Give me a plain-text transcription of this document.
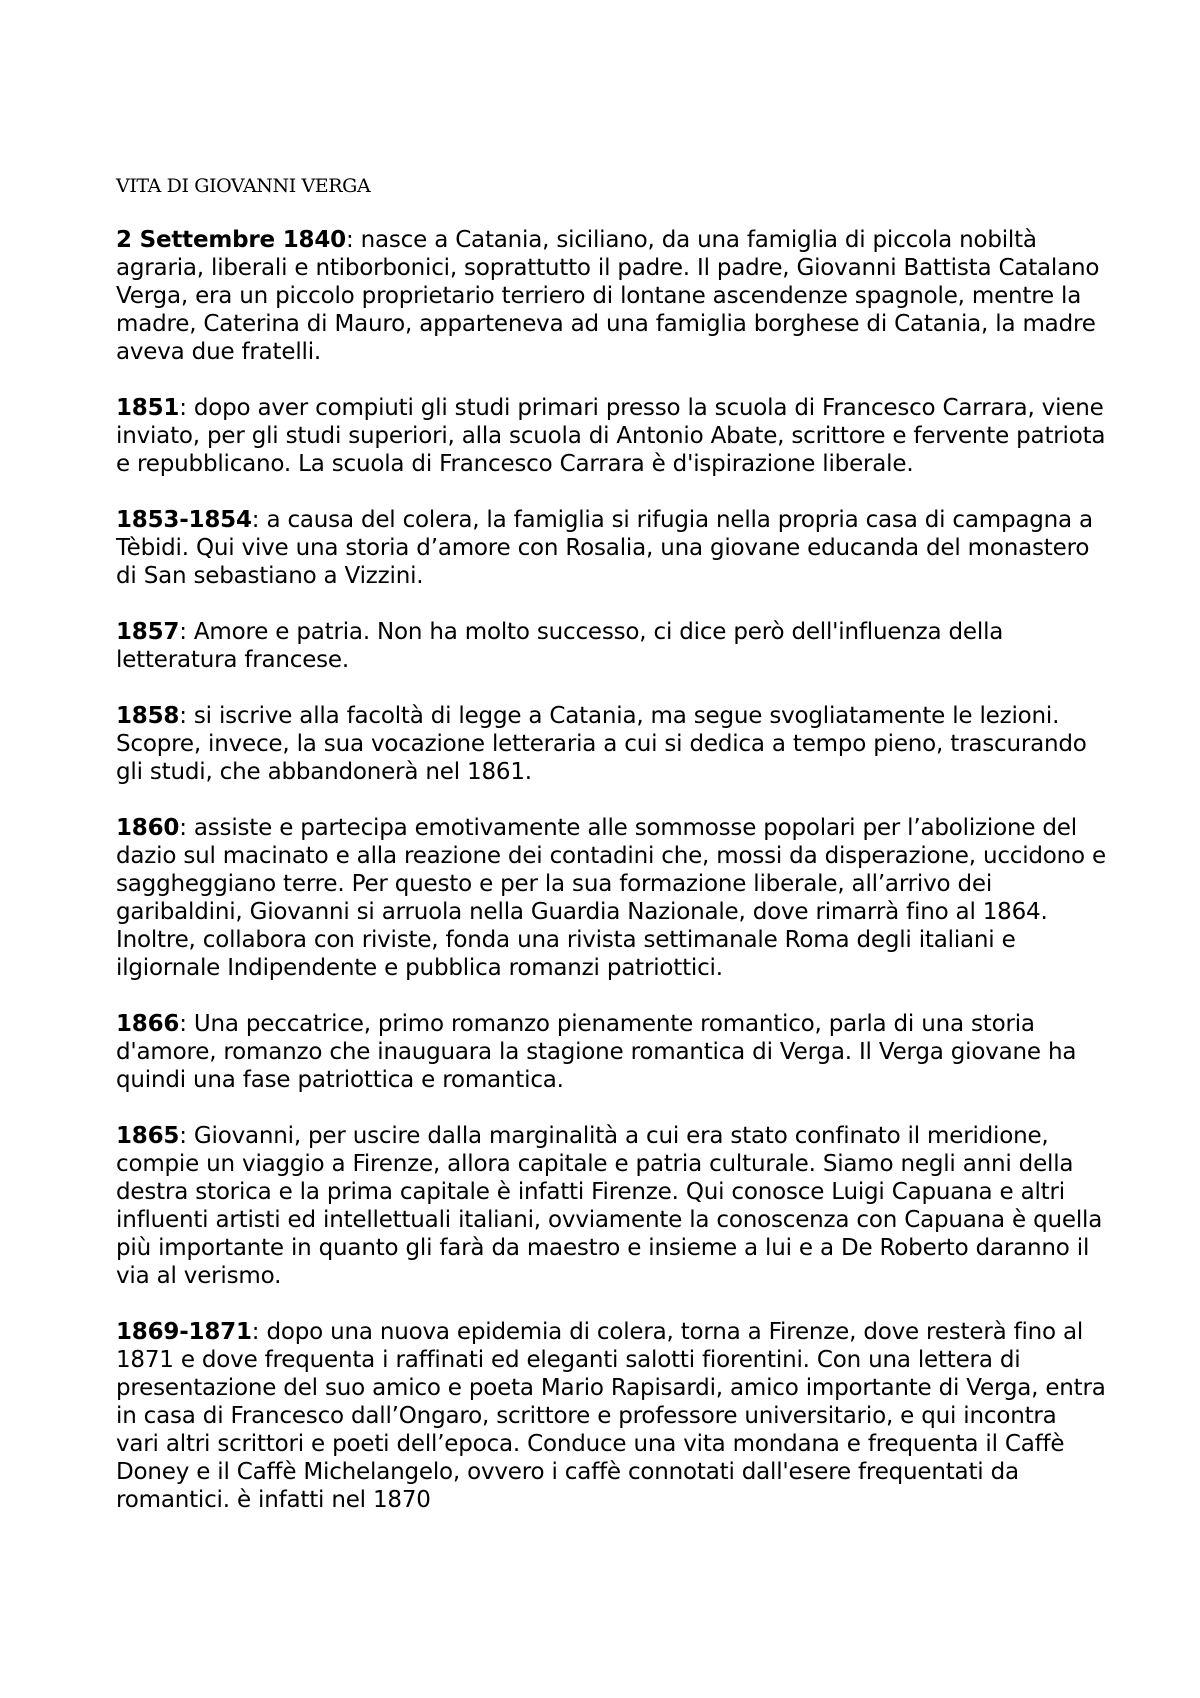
VITA DI GIOVANNI VERGA

2 Settembre 1840: nasce a Catania, siciliano, da una famiglia di piccola nobiltà agraria, liberali e ntiborbonici, soprattutto il padre. Il padre, Giovanni Battista Catalano Verga, era un piccolo proprietario terriero di lontane ascendenze spagnole, mentre la madre, Caterina di Mauro, apparteneva ad una famiglia borghese di Catania, la madre aveva due fratelli.

1851: dopo aver compiuti gli studi primari presso la scuola di Francesco Carrara, viene inviato, per gli studi superiori, alla scuola di Antonio Abate, scrittore e fervente patriota e repubblicano. La scuola di Francesco Carrara è d'ispirazione liberale.

1853-1854: a causa del colera, la famiglia si rifugia nella propria casa di campagna a Tèbidi. Qui vive una storia d’amore con Rosalia, una giovane educanda del monastero di San sebastiano a Vizzini.

1857: Amore e patria. Non ha molto successo, ci dice però dell'influenza della letteratura francese.

1858: si iscrive alla facoltà di legge a Catania, ma segue svogliatamente le lezioni. Scopre, invece, la sua vocazione letteraria a cui si dedica a tempo pieno, trascurando gli studi, che abbandonerà nel 1861.

1860: assiste e partecipa emotivamente alle sommosse popolari per l’abolizione del dazio sul macinato e alla reazione dei contadini che, mossi da disperazione, uccidono e saggheggiano terre. Per questo e per la sua formazione liberale, all’arrivo dei garibaldini, Giovanni si arruola nella Guardia Nazionale, dove rimarrà fino al 1864. Inoltre, collabora con riviste, fonda una rivista settimanale Roma degli italiani e ilgiornale Indipendente e pubblica romanzi patriottici.

1866: Una peccatrice, primo romanzo pienamente romantico, parla di una storia d'amore, romanzo che inauguara la stagione romantica di Verga. Il Verga giovane ha quindi una fase patriottica e romantica.

1865: Giovanni, per uscire dalla marginalità a cui era stato confinato il meridione, compie un viaggio a Firenze, allora capitale e patria culturale. Siamo negli anni della destra storica e la prima capitale è infatti Firenze. Qui conosce Luigi Capuana e altri influenti artisti ed intellettuali italiani, ovviamente la conoscenza con Capuana è quella più importante in quanto gli farà da maestro e insieme a lui e a De Roberto daranno il via al verismo.

1869-1871: dopo una nuova epidemia di colera, torna a Firenze, dove resterà fino al 1871 e dove frequenta i raffinati ed eleganti salotti fiorentini. Con una lettera di presentazione del suo amico e poeta Mario Rapisardi, amico importante di Verga, entra in casa di Francesco dall’Ongaro, scrittore e professore universitario, e qui incontra vari altri scrittori e poeti dell’epoca. Conduce una vita mondana e frequenta il Caffè Doney e il Caffè Michelangelo, ovvero i caffè connotati dall'esere frequentati da romantici. è infatti nel 1870
